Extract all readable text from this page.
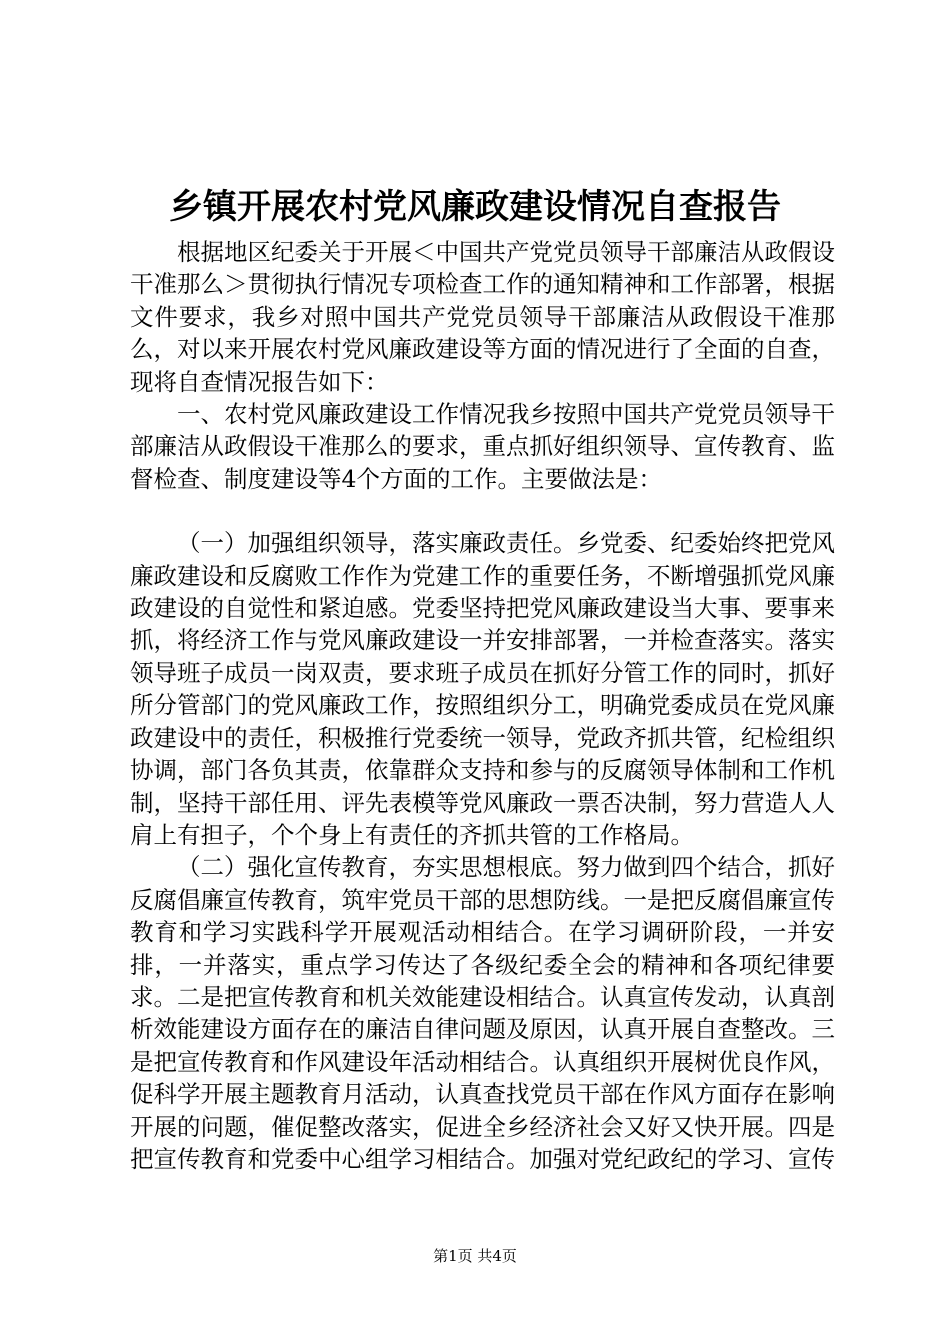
乡镇开展农村党风廉政建设情况自查报告

根据地区纪委关于开展＜中国共产党党员领导干部廉洁从政假设干准那么＞贯彻执行情况专项检查工作的通知精神和工作部署，根据文件要求，我乡对照中国共产党党员领导干部廉洁从政假设干准那么，对以来开展农村党风廉政建设等方面的情况进行了全面的自查，现将自查情况报告如下：

一、农村党风廉政建设工作情况我乡按照中国共产党党员领导干部廉洁从政假设干准那么的要求，重点抓好组织领导、宣传教育、监督检查、制度建设等4个方面的工作。主要做法是：

（一）加强组织领导，落实廉政责任。乡党委、纪委始终把党风廉政建设和反腐败工作作为党建工作的重要任务，不断增强抓党风廉政建设的自觉性和紧迫感。党委坚持把党风廉政建设当大事、要事来抓，将经济工作与党风廉政建设一并安排部署，一并检查落实。落实领导班子成员一岗双责，要求班子成员在抓好分管工作的同时，抓好所分管部门的党风廉政工作，按照组织分工，明确党委成员在党风廉政建设中的责任，积极推行党委统一领导，党政齐抓共管，纪检组织协调，部门各负其责，依靠群众支持和参与的反腐领导体制和工作机制，坚持干部任用、评先表模等党风廉政一票否决制，努力营造人人肩上有担子，个个身上有责任的齐抓共管的工作格局。

（二）强化宣传教育，夯实思想根底。努力做到四个结合，抓好反腐倡廉宣传教育，筑牢党员干部的思想防线。一是把反腐倡廉宣传教育和学习实践科学开展观活动相结合。在学习调研阶段，一并安排，一并落实，重点学习传达了各级纪委全会的精神和各项纪律要求。二是把宣传教育和机关效能建设相结合。认真宣传发动，认真剖析效能建设方面存在的廉洁自律问题及原因，认真开展自查整改。三是把宣传教育和作风建设年活动相结合。认真组织开展树优良作风，促科学开展主题教育月活动，认真查找党员干部在作风方面存在影响开展的问题，催促整改落实，促进全乡经济社会又好又快开展。四是把宣传教育和党委中心组学习相结合。加强对党纪政纪的学习、宣传

第1页 共4页
